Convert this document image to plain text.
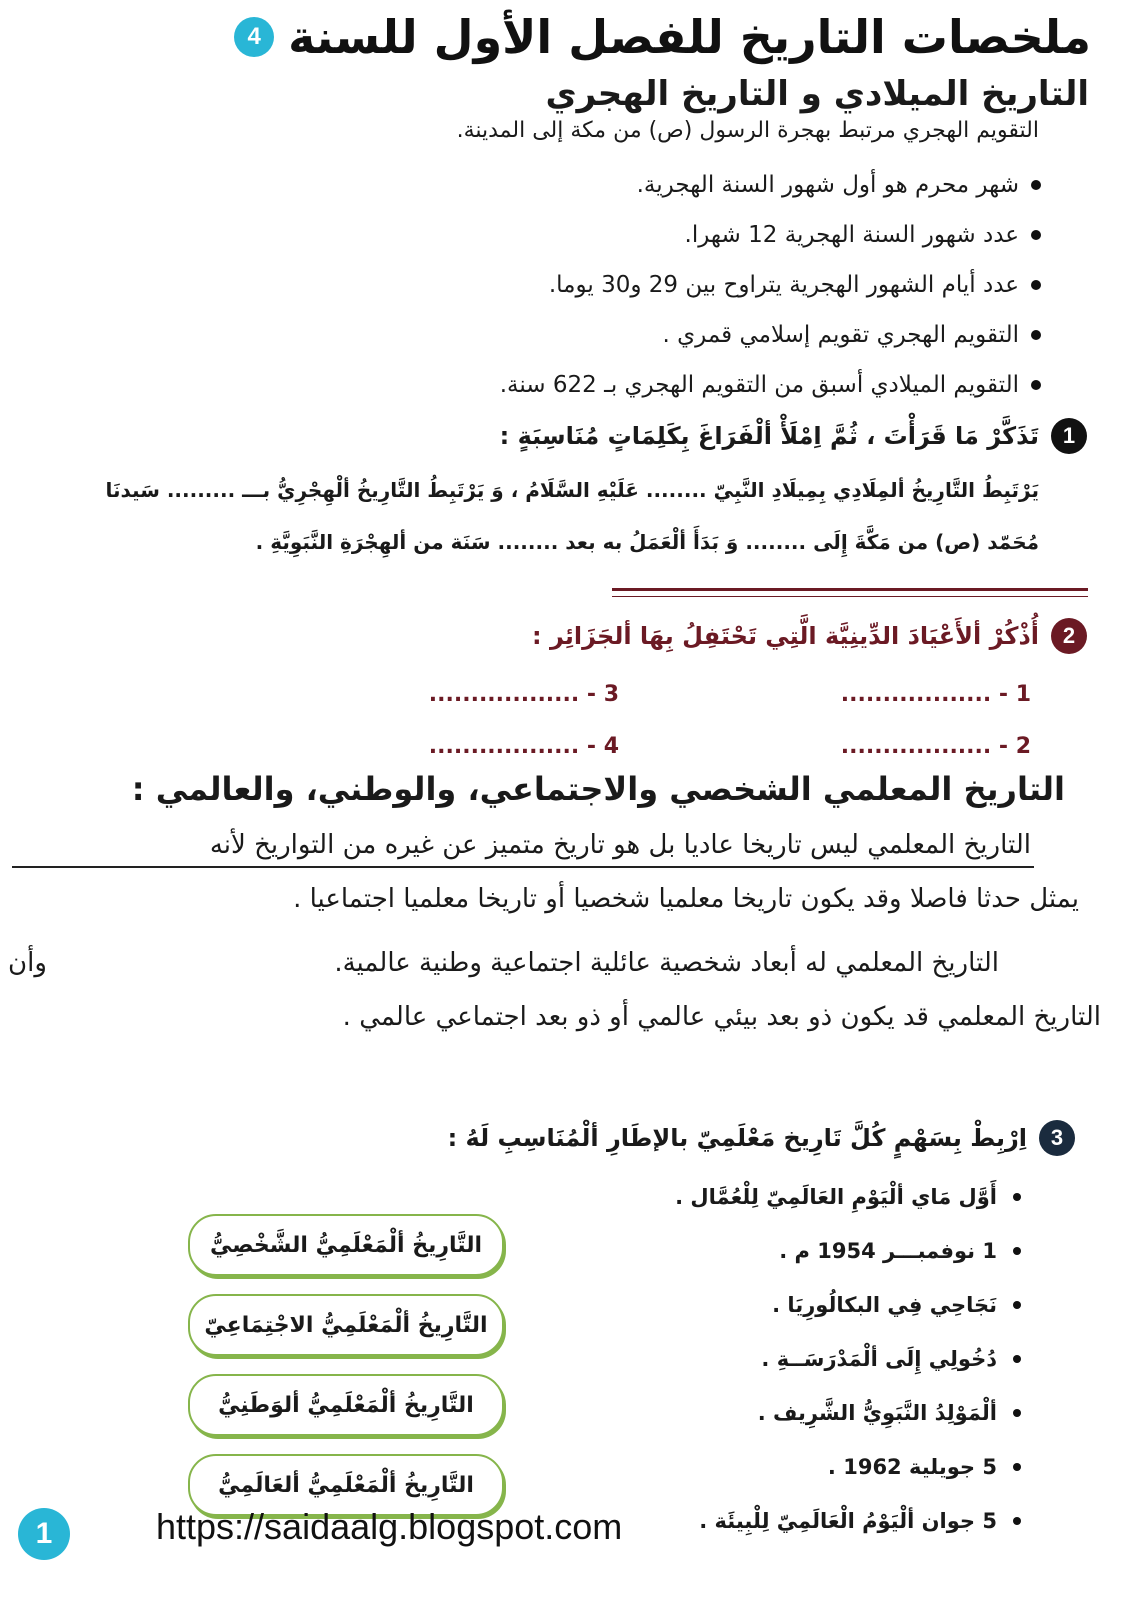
ملخصات التاريخ للفصل الأول للسنة
4
التاريخ الميلادي و التاريخ الهجري
التقويم الهجري مرتبط بهجرة الرسول (ص) من مكة إلى المدينة.
شهر محرم هو أول شهور السنة الهجرية.
عدد شهور السنة الهجرية 12 شهرا.
عدد أيام الشهور الهجرية يتراوح بين 29 و30 يوما.
التقويم الهجري تقويم إسلامي قمري .
التقويم الميلادي أسبق من التقويم الهجري بـ 622 سنة.
1
تَذَكَّرْ مَا قَرَأْتَ ، ثُمَّ اِمْلَأْ ألْفَرَاغَ بِكَلِمَاتٍ مُنَاسِبَةٍ :
يَرْتَبِطُ التَّارِيخُ ألمِلَادِي بِمِيلَادِ النَّبِيّ ........ عَلَيْهِ السَّلَامُ ، وَ يَرْتَبِطُ التَّارِيخُ ألْهِجْرِيُّ بـــ ......... سَيدنَا
مُحَمّد (ص) من مَكَّةَ إِلَى ........ وَ بَدَأَ ألْعَمَلُ به بعد ........ سَنَة من ألهِجْرَةِ النَّبَوِيَّةِ .
2
أُذْكُرْ ألأَعْيَادَ الدِّينِيَّة الَّتِي تَحْتَفِلُ بِهَا ألجَزَائِر :
1 - ..................
2 - ..................
3 - ..................
4 - ..................
التاريخ المعلمي الشخصي والاجتماعي، والوطني، والعالمي :
التاريخ المعلمي ليس تاريخا عاديا بل هو تاريخ متميز عن غيره من التواريخ لأنه
يمثل حدثا فاصلا وقد يكون تاريخا معلميا شخصيا أو تاريخا معلميا اجتماعيا .
التاريخ المعلمي له أبعاد شخصية عائلية اجتماعية وطنية عالمية.
وأن
التاريخ المعلمي قد يكون ذو بعد بيئي عالمي أو ذو بعد اجتماعي عالمي .
3
اِرْبِطْ بِسَهْمٍ كُلَّ تَارِيخ مَعْلَمِيّ بالإطَارِ ألْمُنَاسِبِ لَهُ :
أَوَّل مَاي ألْيَوْمِ العَالَمِيّ لِلْعُمَّال .
1 نوفمبـــر 1954 م .
نَجَاحِي فِي البكالُورِيَا .
دُخُولِي إِلَى ألْمَدْرَسَــةِ .
ألْمَوْلِدُ النَّبَوِيُّ الشَّرِيف .
5 جويلية 1962 .
5 جوان ألْيَوْمُ الْعَالَمِيّ لِلْبِيئَة .
التَّارِيخُ ألْمَعْلَمِيُّ الشَّخْصِيُّ
التَّارِيخُ ألْمَعْلَمِيُّ الاجْتِمَاعِيّ
التَّارِيخُ ألْمَعْلَمِيُّ ألوَطَنِيُّ
التَّارِيخُ ألْمَعْلَمِيُّ ألعَالَمِيُّ
1	https://saidaalg.blogspot.com
